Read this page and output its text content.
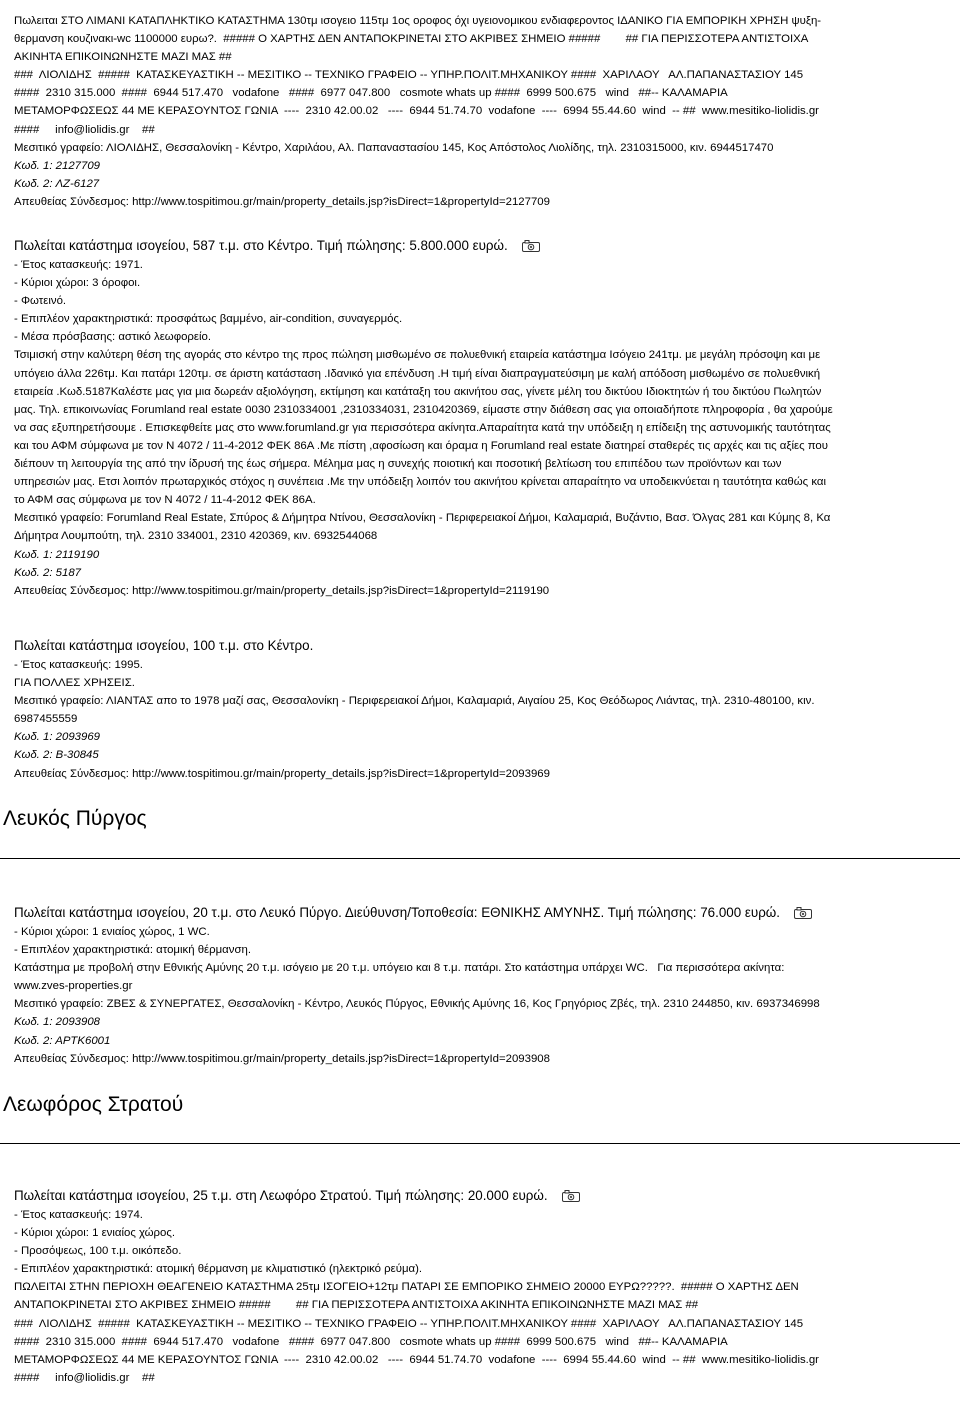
Πωλειται ΣΤΟ ΛΙΜΑΝΙ ΚΑΤΑΠΛΗΚΤΙΚΟ ΚΑΤΑΣΤΗΜΑ 130τμ ισογειο 115τμ 1ος οροφος όχι υγειονομικου ενδιαφεροντος ΙΔΑΝΙΚΟ ΓΙΑ ΕΜΠΟΡΙΚΗ ΧΡΗΣΗ ψυξη-

θερμανση κουζινακι-wc 1100000 ευρω?.  ##### Ο ΧΑΡΤΗΣ ΔΕΝ ΑΝΤΑΠΟΚΡΙΝΕΤΑΙ ΣΤΟ ΑΚΡΙΒΕΣ ΣΗΜΕΙΟ #####        ## ΓΙΑ ΠΕΡΙΣΣΟΤΕΡΑ ΑΝΤΙΣΤΟΙΧΑ

ΑΚΙΝΗΤΑ ΕΠΙΚΟΙΝΩΝΗΣΤΕ ΜΑΖΙ ΜΑΣ ##

###  ΛΙΟΛΙΔΗΣ  #####  ΚΑΤΑΣΚΕΥΑΣΤΙΚΗ -- ΜΕΣΙΤΙΚΟ -- ΤΕΧΝΙΚΟ ΓΡΑΦΕΙΟ -- ΥΠΗΡ.ΠΟΛΙΤ.ΜΗΧΑΝΙΚΟΥ ####  ΧΑΡΙΛΑΟΥ   ΑΛ.ΠΑΠΑΝΑΣΤΑΣΙΟΥ 145

####  2310 315.000  ####  6944 517.470   vodafone   ####  6977 047.800   cosmote whats up ####  6999 500.675   wind   ##-- ΚΑΛΑΜΑΡΙΑ

ΜΕΤΑΜΟΡΦΩΣΕΩΣ 44 ΜΕ ΚΕΡΑΣΟΥΝΤΟΣ ΓΩΝΙΑ  ----  2310 42.00.02   ----  6944 51.74.70  vodafone  ----  6994 55.44.60  wind  -- ##  www.mesitiko-liolidis.gr

####     info@liolidis.gr    ##

Μεσιτικό γραφείο: ΛΙΟΛΙΔΗΣ, Θεσσαλονίκη - Κέντρο, Χαριλάου, Αλ. Παπαναστασίου 145, Κος Απόστολος Λιολίδης, τηλ. 2310315000, κιν. 6944517470

Κωδ. 1: 2127709

Κωδ. 2: ΛΖ-6127

Απευθείας Σύνδεσμος: http://www.tospitimou.gr/main/property_details.jsp?isDirect=1&propertyId=2127709

Πωλείται κατάστημα ισογείου, 587 τ.μ. στο Κέντρο. Τιμή πώλησης: 5.800.000 ευρώ.

- Έτος κατασκευής: 1971.

- Κύριοι χώροι: 3 όροφοι.

- Φωτεινό.

- Επιπλέον χαρακτηριστικά: προσφάτως βαμμένο, air-condition, συναγερμός.

- Μέσα πρόσβασης: αστικό λεωφορείο.

Τσιμισκή στην καλύτερη θέση της αγοράς στο κέντρο της προς πώληση μισθωμένο σε πολυεθνική εταιρεία κατάστημα Ισόγειο 241τμ. με μεγάλη πρόσοψη και με

υπόγειο άλλα 226τμ. Και πατάρι 120τμ. σε άριστη κατάσταση .Ιδανικό για επένδυση .Η τιμή είναι διαπραγματεύσιμη με καλή απόδοση μισθωμένο σε πολυεθνική

εταιρεία .Κωδ.5187Καλέστε μας για μια δωρεάν αξιολόγηση, εκτίμηση και κατάταξη του ακινήτου σας, γίνετε μέλη του δικτύου Ιδιοκτητών ή του δικτύου Πωλητών

μας. Τηλ. επικοινωνίας Forumland real estate 0030 2310334001 ,2310334031, 2310420369, είμαστε στην διάθεση σας για οποιαδήποτε πληροφορία , θα χαρούμε

να σας εξυπηρετήσουμε . Επισκεφθείτε μας στο www.forumland.gr για περισσότερα ακίνητα.Απαραίτητα κατά την υπόδειξη η επίδειξη της αστυνομικής ταυτότητας

και του ΑΦΜ σύμφωνα με τον Ν 4072 / 11-4-2012 ΦΕΚ 86Α .Με πίστη ,αφοσίωση και όραμα η Forumland real estate διατηρεί σταθερές τις αρχές και τις αξίες που

διέπουν τη λειτουργία της από την ίδρυσή της έως σήμερα. Μέλημα μας η συνεχής ποιοτική και ποσοτική βελτίωση του επιπέδου των προϊόντων και των

υπηρεσιών μας. Ετσι λοιπόν πρωταρχικός στόχος η συνέπεια .Με την υπόδειξη λοιπόν του ακινήτου κρίνεται απαραίτητο να υποδεικνύεται η ταυτότητα καθώς και

το ΑΦΜ σας σύμφωνα με τον Ν 4072 / 11-4-2012 ΦΕΚ 86Α.

Μεσιτικό γραφείο: Forumland Real Estate, Σπύρος & Δήμητρα Ντίνου, Θεσσαλονίκη - Περιφερειακοί Δήμοι, Καλαμαριά, Βυζάντιο, Βασ. Όλγας 281 και Κύμης 8, Κα

Δήμητρα Λουμπούτη, τηλ. 2310 334001, 2310 420369, κιν. 6932544068

Κωδ. 1: 2119190

Κωδ. 2: 5187

Απευθείας Σύνδεσμος: http://www.tospitimou.gr/main/property_details.jsp?isDirect=1&propertyId=2119190

Πωλείται κατάστημα ισογείου, 100 τ.μ. στο Κέντρο.

- Έτος κατασκευής: 1995.

ΓΙΑ ΠΟΛΛΕΣ ΧΡΗΣΕΙΣ.

Μεσιτικό γραφείο: ΛΙΑΝΤΑΣ απο το 1978 μαζί σας, Θεσσαλονίκη - Περιφερειακοί Δήμοι, Καλαμαριά, Αιγαίου 25, Κος Θεόδωρος Λιάντας, τηλ. 2310-480100, κιν.

6987455559

Κωδ. 1: 2093969

Κωδ. 2: Β-30845

Απευθείας Σύνδεσμος: http://www.tospitimou.gr/main/property_details.jsp?isDirect=1&propertyId=2093969

Λευκός Πύργος

Πωλείται κατάστημα ισογείου, 20 τ.μ. στο Λευκό Πύργο. Διεύθυνση/Τοποθεσία: ΕΘΝΙΚΗΣ ΑΜΥΝΗΣ. Τιμή πώλησης: 76.000 ευρώ.

- Κύριοι χώροι: 1 ενιαίος χώρος, 1 WC.

- Επιπλέον χαρακτηριστικά: ατομική θέρμανση.

Κατάστημα με προβολή στην Εθνικής Αμύνης 20 τ.μ. ισόγειο με 20 τ.μ. υπόγειο και 8 τ.μ. πατάρι. Στο κατάστημα υπάρχει WC.   Για περισσότερα ακίνητα:

www.zves-properties.gr

Μεσιτικό γραφείο: ΖΒΕΣ & ΣΥΝΕΡΓΑΤΕΣ, Θεσσαλονίκη - Κέντρο, Λευκός Πύργος, Εθνικής Αμύνης 16, Κος Γρηγόριος Ζβές, τηλ. 2310 244850, κιν. 6937346998

Κωδ. 1: 2093908

Κωδ. 2: ΑΡΤΚ6001

Απευθείας Σύνδεσμος: http://www.tospitimou.gr/main/property_details.jsp?isDirect=1&propertyId=2093908

Λεωφόρος Στρατού

Πωλείται κατάστημα ισογείου, 25 τ.μ. στη Λεωφόρο Στρατού. Τιμή πώλησης: 20.000 ευρώ.

- Έτος κατασκευής: 1974.

- Κύριοι χώροι: 1 ενιαίος χώρος.

- Προσόψεως, 100 τ.μ. οικόπεδο.

- Επιπλέον χαρακτηριστικά: ατομική θέρμανση με κλιματιστικό (ηλεκτρικό ρεύμα).

ΠΩΛΕΙΤΑΙ ΣΤΗΝ ΠΕΡΙΟΧΗ ΘΕΑΓΕΝΕΙΟ ΚΑΤΑΣΤΗΜΑ 25τμ ΙΣΟΓΕΙΟ+12τμ ΠΑΤΑΡΙ ΣΕ ΕΜΠΟΡΙΚΟ ΣΗΜΕΙΟ 20000 ΕΥΡΩ?????.  ##### Ο ΧΑΡΤΗΣ ΔΕΝ

ΑΝΤΑΠΟΚΡΙΝΕΤΑΙ ΣΤΟ ΑΚΡΙΒΕΣ ΣΗΜΕΙΟ #####        ## ΓΙΑ ΠΕΡΙΣΣΟΤΕΡΑ ΑΝΤΙΣΤΟΙΧΑ ΑΚΙΝΗΤΑ ΕΠΙΚΟΙΝΩΝΗΣΤΕ ΜΑΖΙ ΜΑΣ ##

###  ΛΙΟΛΙΔΗΣ  #####  ΚΑΤΑΣΚΕΥΑΣΤΙΚΗ -- ΜΕΣΙΤΙΚΟ -- ΤΕΧΝΙΚΟ ΓΡΑΦΕΙΟ -- ΥΠΗΡ.ΠΟΛΙΤ.ΜΗΧΑΝΙΚΟΥ ####  ΧΑΡΙΛΑΟΥ   ΑΛ.ΠΑΠΑΝΑΣΤΑΣΙΟΥ 145

####  2310 315.000  ####  6944 517.470   vodafone   ####  6977 047.800   cosmote whats up ####  6999 500.675   wind   ##-- ΚΑΛΑΜΑΡΙΑ

ΜΕΤΑΜΟΡΦΩΣΕΩΣ 44 ΜΕ ΚΕΡΑΣΟΥΝΤΟΣ ΓΩΝΙΑ  ----  2310 42.00.02   ----  6944 51.74.70  vodafone  ----  6994 55.44.60  wind  -- ##  www.mesitiko-liolidis.gr

####     info@liolidis.gr    ##
